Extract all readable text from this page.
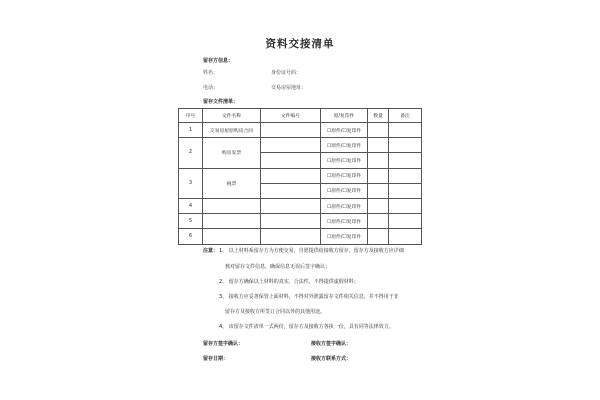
资料交接清单
留存方信息：
姓名：	身份证号码：
电话：	交易房屋地址：
留存文件清单：
序号	文件名称	文件编号	原/复印件	数量	备注
1	交易房屋原购房合同		☐原件/☐复印件		
2	购房发票		☐原件/☐复印件		
			☐原件/☐复印件		
3	税票		☐原件/☐复印件		
			☐原件/☐复印件		
4			☐原件/☐复印件		
5			☐原件/☐复印件		
6			☐原件/☐复印件		
注意： 1、 以上材料系留存方为方便交易，自愿提供给接收方留存，留存方及接收方应详细
核对留存文件信息，确保信息无误后签字确认；
2、 留存方确保以上材料的真实、合法性，不得提供虚假材料；
3、 接收方应妥善保管上面材料，不得对外泄露留存文件相关信息，并不得用于非
留存方及接收方所签订合同以外的其他用途。
4、 该留存文件清单一式两份，留存方及接收方各执一份，具有同等法律效力。
留存方签字确认：	接收方签字确认：
留存日期：	接收方联系方式：
